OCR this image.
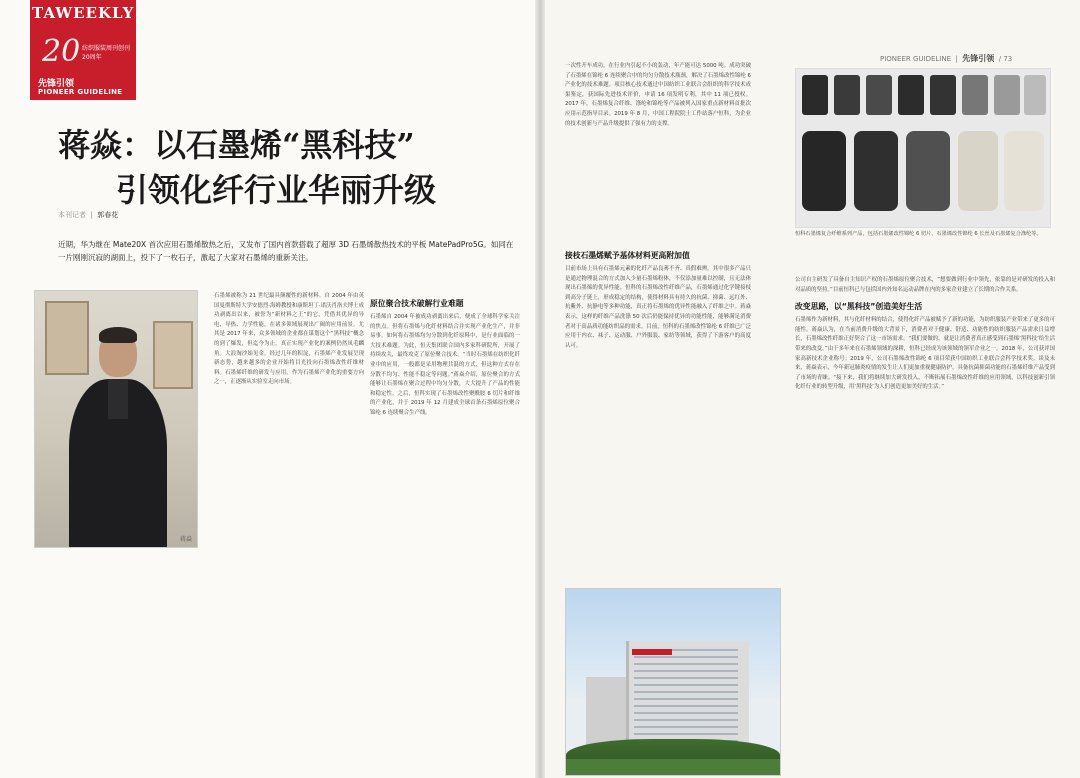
TAWEEKLY
20 纺织服装周刊创刊20周年
先锋引领
PIONEER GUIDELINE
PIONEER GUIDELINE  |  先锋引领 / 73
蒋焱：以石墨烯“黑科技”
引领化纤行业华丽升级
本刊记者  |  郭春花
近期，华为继在 Mate20X 首次应用石墨烯散热之后，又发布了国内首款搭载了超厚 3D 石墨烯散热技术的平板 MatePadPro5G。如同在一片刚刚沉寂的湖面上，投下了一枚石子，激起了大家对石墨烯的重新关注。
蒋焱
石墨烯被称为 21 世纪最具颠覆性的新材料。自 2004 年由英国曼彻斯特大学安德烈·海姆教授和康斯坦丁·诺沃肖洛夫博士成功剥离出以来，被誉为“新材料之王”的它，凭借其优异的导电、导热、力学性能，在诸多领域展现出广阔的应用前景。尤其是 2017 年来，众多领域的企业都在谋划这个“黑科技”概念的到了爆发，但迄今为止，真正实现产业化的案例仍然凤毛麟角。大浪淘沙始见金。经过几年的积淀，石墨烯产业发展呈现新态势，越来越多的企业开始将目光投向石墨烯改性纤维材料。石墨烯纤维的研发与应用，作为石墨烯产业化的重要方向之一，正逐渐从实验室走向市场。
原位聚合技术破解行业难题
石墨烯自 2004 年被成功剥离出来后，便成了全球科学家关注的焦点。但将石墨烯与化纤材料结合并实现产业化生产，并非易事。如何将石墨烯均匀分散到化纤原料中，是行业面临的一大技术难题。为此，恒天集团联合国内多家科研院所，开展了持续攻关，最终攻克了原位聚合技术。“当时石墨烯在纺织化纤业中的应用，一般都是采用物理共混的方式，但这种方式存在分散不均匀、性能不稳定等问题。”蒋焱介绍，原位聚合的方式能够让石墨烯在聚合过程中均匀分散，大大提升了产品的性能和稳定性。之后，恒科实现了石墨烯改性聚酰胺 6 切片和纤维的产业化，并于 2019 年 12 月建成全球首条石墨烯原位聚合锦纶 6 连续聚合生产线。
一次性开车成功。在行业内引起不小的轰动，年产能可达 5000 吨。成功突破了石墨烯在锦纶 6 连续聚合中的均匀分散技术瓶颈，解决了石墨烯改性锦纶 6 产业化的技术难题。项目核心技术通过中国纺织工业联合会组织的科学技术成果鉴定，获国际先进技术评价，申请 16 项发明专利，其中 11 项已授权。2017 年，石墨烯复合纤维、涤纶和锦纶等产品被列入国家重点新材料首批次应用示范指导目录。2019 年 8 月，中国工程院院士工作站落户恒科，为企业的技术创新与产品升级提供了强有力的支撑。
接枝石墨烯赋予基体材料更高附加值
目前市场上具有石墨烯元素的化纤产品良莠不齐、真假难辨。其中很多产品只是通过物理混合的方式加入少量石墨烯粉体，不仅添加量难以控制，且无法体现出石墨烯的优异性能。恒科的石墨烯改性纤维产品，石墨烯通过化学键接枝到高分子链上，形成稳定的结构，使得材料具有持久的抗菌、抑菌、远红外、抗紫外、抗静电等多种功能，真正将石墨烯的优异性能融入了纤维之中。蒋焱表示，这样的纤维产品洗涤 50 次后仍能保持优异的功能性能，能够满足消费者对于高品质功能纺织品的需求。目前，恒科的石墨烯改性锦纶 6 纤维已广泛应用于内衣、袜子、运动服、户外服装、家纺等领域，获得了下游客户的高度认可。
恒科石墨烯复合纤维系列产品，包括石墨烯改性锦纶 6 切片、石墨烯改性锦纶 6 长丝及石墨烯复合涤纶等。
公司自主研发了具备自主知识产权的石墨烯原位聚合技术，“想要做到行业中领先，依靠的是对研发的投入和对品质的坚持。”目前恒科已与包括国内外知名运动品牌在内的多家企业建立了长期的合作关系。
改变思路，以“黑科技”创造美好生活
石墨烯作为新材料，其与化纤材料的结合，使得化纤产品被赋予了新的功能，为纺织服装产业带来了更多的可能性。蒋焱认为，在当前消费升级的大背景下，消费者对于健康、舒适、功能性的纺织服装产品需求日益增长，石墨烯改性纤维正好契合了这一市场需求。“我们要做的，就是让消费者真正感受到石墨烯‘黑科技’给生活带来的改变。”由于多年来在石墨烯领域的深耕，恒科已经成为该领域的领军企业之一。2018 年，公司获评国家高新技术企业称号；2019 年，公司石墨烯改性锦纶 6 项目荣获中国纺织工业联合会科学技术奖。谈及未来，蒋焱表示，今年新冠肺炎疫情的发生让人们更加重视健康防护，具备抗菌抑菌功能的石墨烯纤维产品受到了市场的青睐。“接下来，我们将继续加大研发投入，不断拓展石墨烯改性纤维的应用领域，以科技创新引领化纤行业的转型升级，用‘黑科技’为人们创造更加美好的生活。”
